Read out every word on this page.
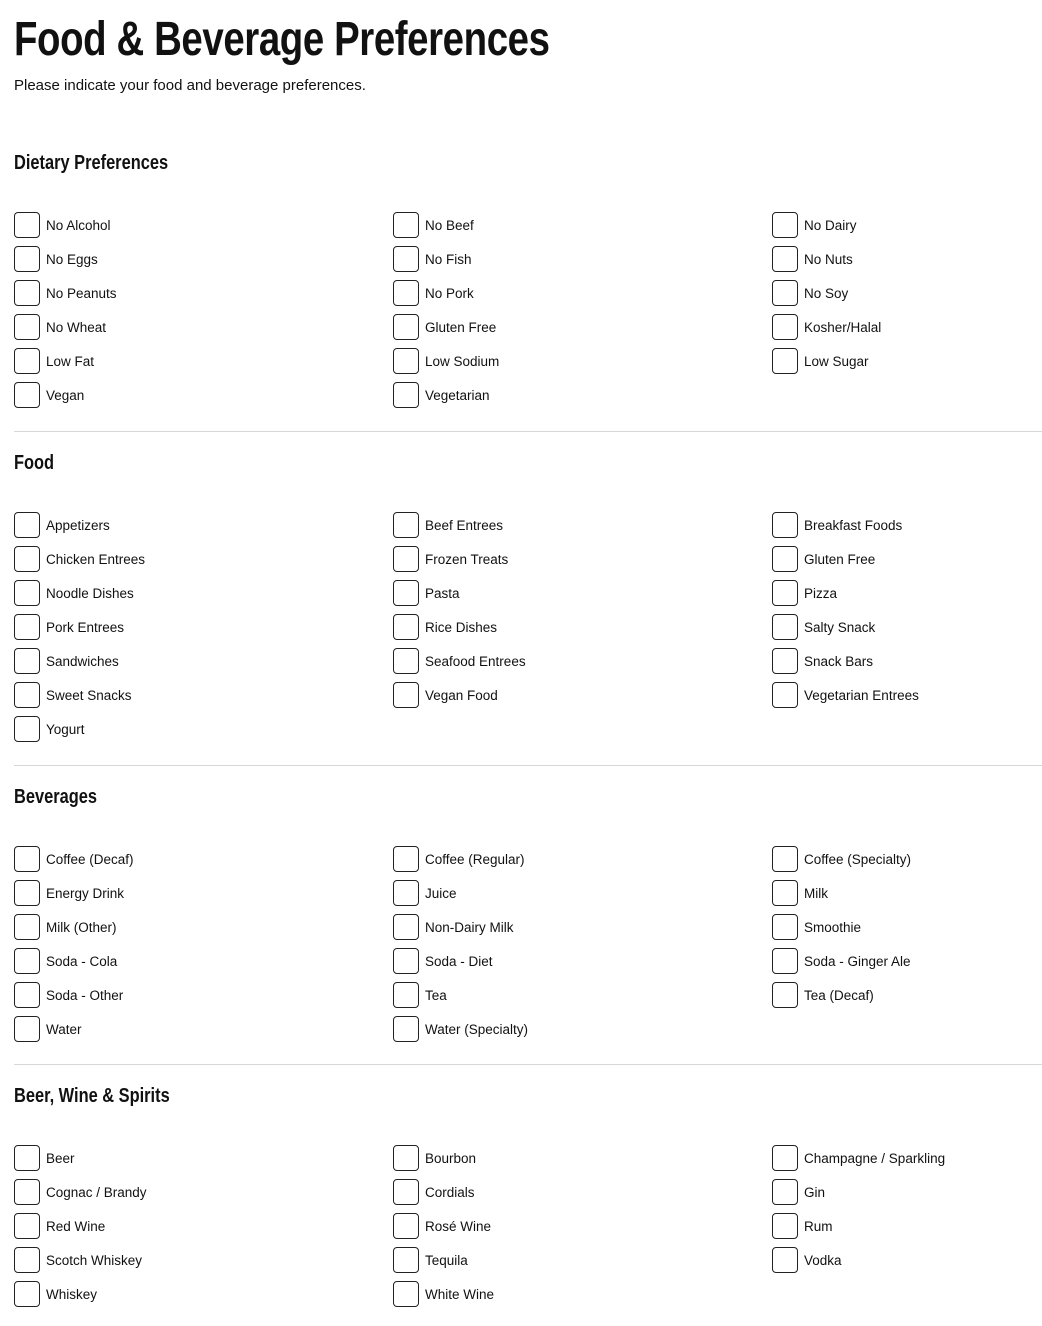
Food & Beverage Preferences
Please indicate your food and beverage preferences.
Dietary Preferences
No Alcohol	No Beef	No Dairy
No Eggs	No Fish	No Nuts
No Peanuts	No Pork	No Soy
No Wheat	Gluten Free	Kosher/Halal
Low Fat	Low Sodium	Low Sugar
Vegan	Vegetarian
Food
Appetizers	Beef Entrees	Breakfast Foods
Chicken Entrees	Frozen Treats	Gluten Free
Noodle Dishes	Pasta	Pizza
Pork Entrees	Rice Dishes	Salty Snack
Sandwiches	Seafood Entrees	Snack Bars
Sweet Snacks	Vegan Food	Vegetarian Entrees
Yogurt
Beverages
Coffee (Decaf)	Coffee (Regular)	Coffee (Specialty)
Energy Drink	Juice	Milk
Milk (Other)	Non-Dairy Milk	Smoothie
Soda - Cola	Soda - Diet	Soda - Ginger Ale
Soda - Other	Tea	Tea (Decaf)
Water	Water (Specialty)
Beer, Wine & Spirits
Beer	Bourbon	Champagne / Sparkling
Cognac / Brandy	Cordials	Gin
Red Wine	Rosé Wine	Rum
Scotch Whiskey	Tequila	Vodka
Whiskey	White Wine
